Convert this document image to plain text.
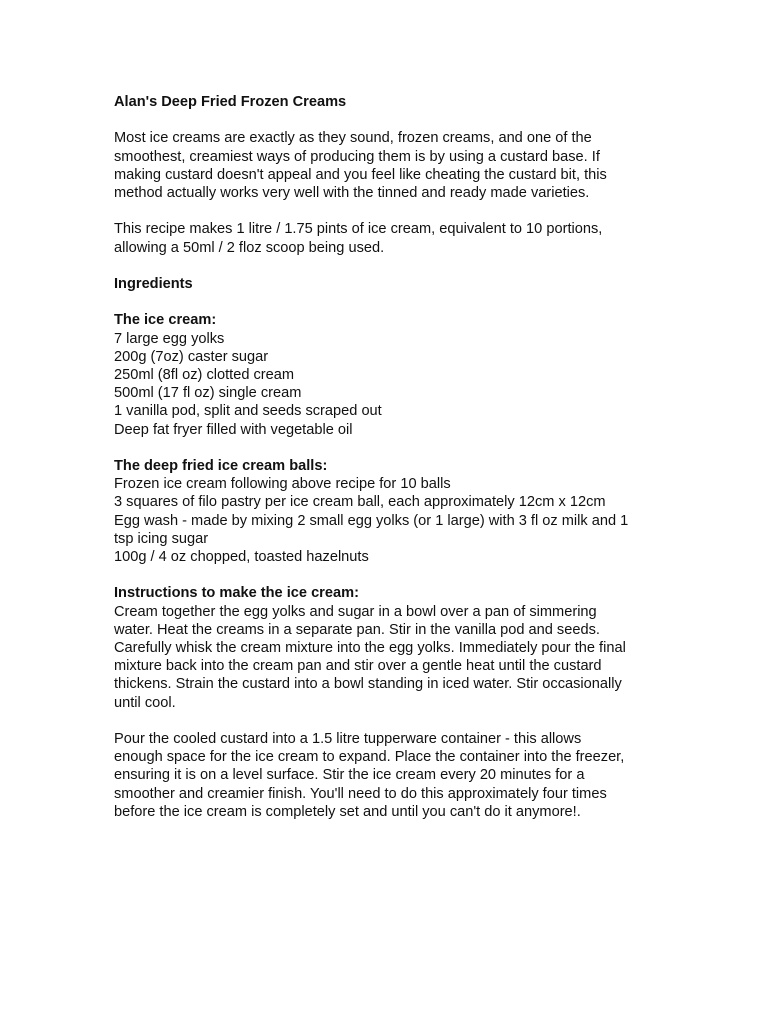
Alan's Deep Fried Frozen Creams

Most ice creams are exactly as they sound, frozen creams, and one of the
smoothest, creamiest ways of producing them is by using a custard base. If
making custard doesn't appeal and you feel like cheating the custard bit, this
method actually works very well with the tinned and ready made varieties.

This recipe makes 1 litre / 1.75 pints of ice cream, equivalent to 10 portions,
allowing a 50ml / 2 floz scoop being used.

Ingredients

The ice cream:

7 large egg yolks

200g (7oz) caster sugar

250ml (8fl oz) clotted cream

500ml (17 fl oz) single cream

1 vanilla pod, split and seeds scraped out

Deep fat fryer filled with vegetable oil

The deep fried ice cream balls:

Frozen ice cream following above recipe for 10 balls

3 squares of filo pastry per ice cream ball, each approximately 12cm x 12cm

Egg wash - made by mixing 2 small egg yolks (or 1 large) with 3 fl oz milk and 1
tsp icing sugar

100g / 4 oz chopped, toasted hazelnuts

Instructions to make the ice cream:

Cream together the egg yolks and sugar in a bowl over a pan of simmering
water. Heat the creams in a separate pan. Stir in the vanilla pod and seeds.
Carefully whisk the cream mixture into the egg yolks. Immediately pour the final
mixture back into the cream pan and stir over a gentle heat until the custard
thickens. Strain the custard into a bowl standing in iced water. Stir occasionally
until cool.

Pour the cooled custard into a 1.5 litre tupperware container - this allows
enough space for the ice cream to expand. Place the container into the freezer,
ensuring it is on a level surface. Stir the ice cream every 20 minutes for a
smoother and creamier finish. You'll need to do this approximately four times
before the ice cream is completely set and until you can't do it anymore!.
